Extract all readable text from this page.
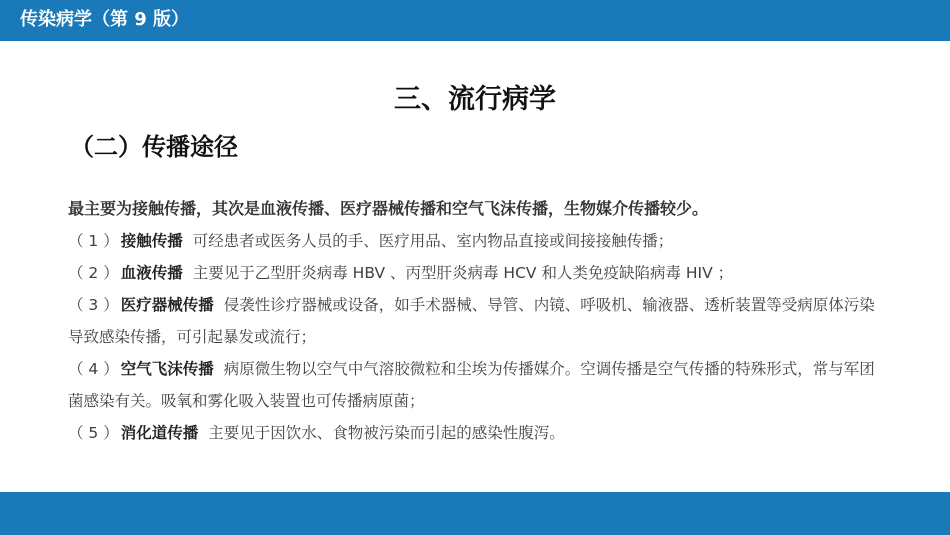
传染病学（第 9 版）
三、流行病学
（二）传播途径

最主要为接触传播，其次是血液传播、医疗器械传播和空气飞沫传播，生物媒介传播较少。

（ 1 ） 接触传播 可经患者或医务人员的手、医疗用品、室内物品直接或间接接触传播；

（ 2 ） 血液传播 主要见于乙型肝炎病毒 HBV 、丙型肝炎病毒 HCV 和人类免疫缺陷病毒 HIV ；

（ 3 ） 医疗器械传播 侵袭性诊疗器械或设备，如手术器械、导管、内镜、呼吸机、输液器、透析装置等受病原体污染导致感染传播，可引起暴发或流行；

（ 4 ） 空气飞沫传播 病原微生物以空气中气溶胶微粒和尘埃为传播媒介。空调传播是空气传播的特殊形式，常与军团菌感染有关。吸氧和雾化吸入装置也可传播病原菌；

（ 5 ） 消化道传播 主要见于因饮水、食物被污染而引起的感染性腹泻。
